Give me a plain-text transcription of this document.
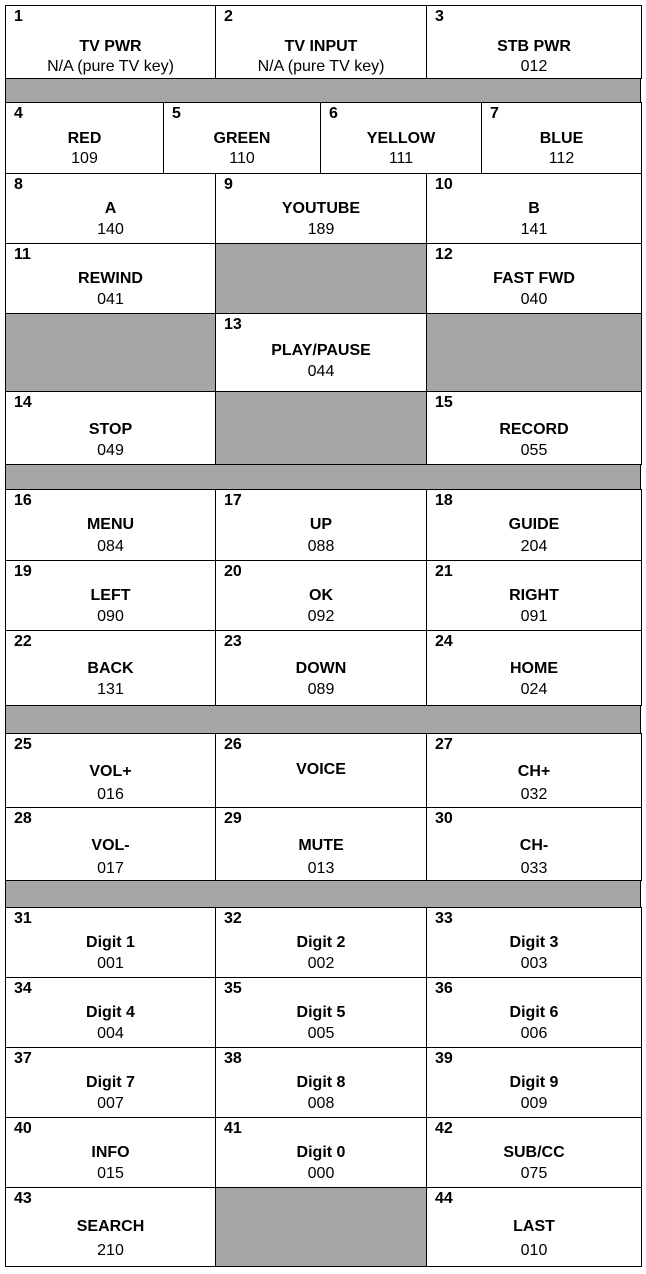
1
TV PWR
N/A (pure TV key)
2
TV INPUT
N/A (pure TV key)
3
STB PWR
012
4
RED
109
5
GREEN
110
6
YELLOW
111
7
BLUE
112
8
A
140
9
YOUTUBE
189
10
B
141
11
REWIND
041
12
FAST FWD
040
13
PLAY/PAUSE
044
14
STOP
049
15
RECORD
055
16
MENU
084
17
UP
088
18
GUIDE
204
19
LEFT
090
20
OK
092
21
RIGHT
091
22
BACK
131
23
DOWN
089
24
HOME
024
25
VOL+
016
26
VOICE
27
CH+
032
28
VOL-
017
29
MUTE
013
30
CH-
033
31
Digit 1
001
32
Digit 2
002
33
Digit 3
003
34
Digit 4
004
35
Digit 5
005
36
Digit 6
006
37
Digit 7
007
38
Digit 8
008
39
Digit 9
009
40
INFO
015
41
Digit 0
000
42
SUB/CC
075
43
SEARCH
210
44
LAST
010
